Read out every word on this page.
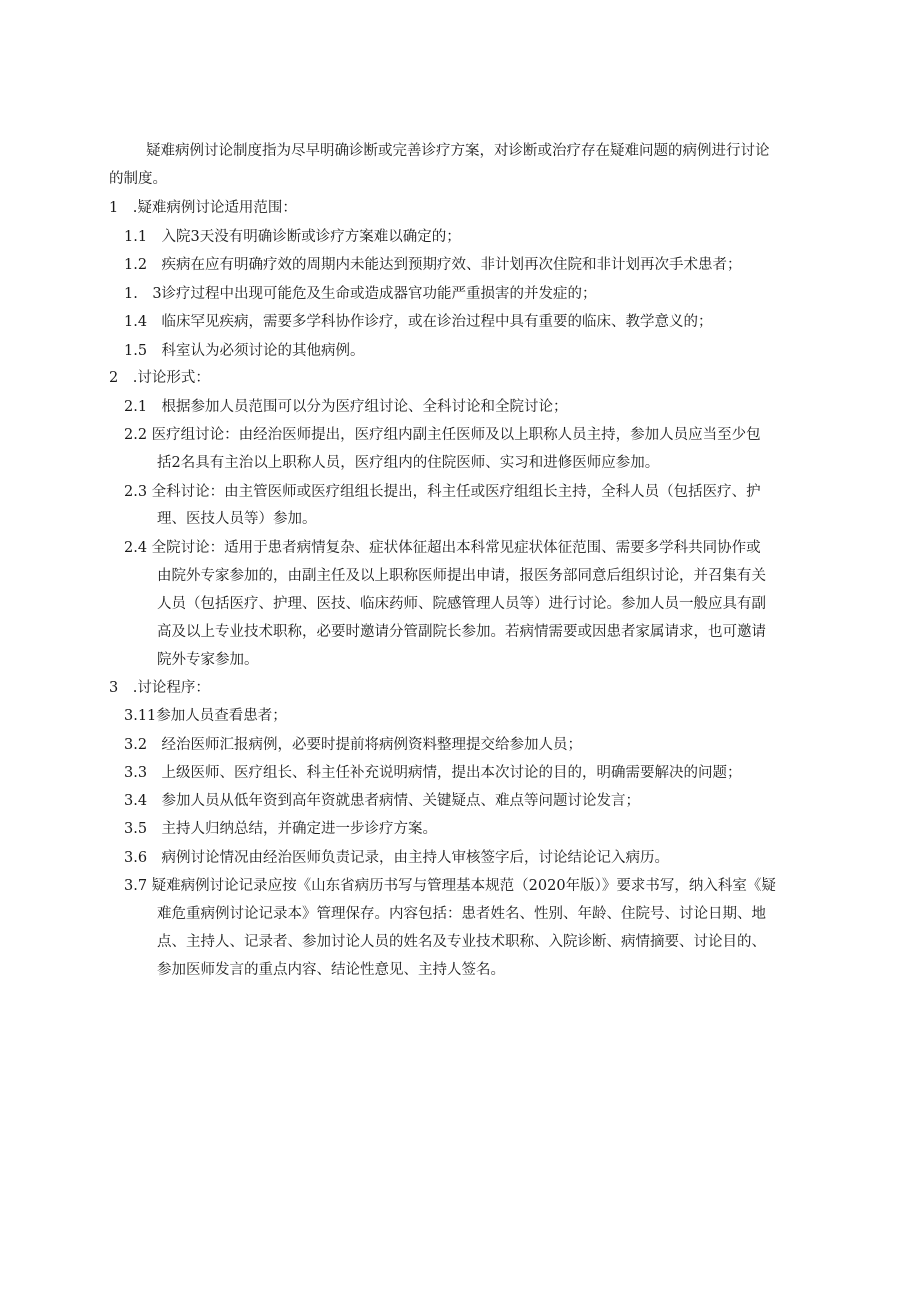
疑难病例讨论制度指为尽早明确诊断或完善诊疗方案，对诊断或治疗存在疑难问题的病例进行讨论
的制度。
1　.疑难病例讨论适用范围：
1.1　入院3天没有明确诊断或诊疗方案难以确定的；
1.2　疾病在应有明确疗效的周期内未能达到预期疗效、非计划再次住院和非计划再次手术患者；
1.　3诊疗过程中出现可能危及生命或造成器官功能严重损害的并发症的；
1.4　临床罕见疾病，需要多学科协作诊疗，或在诊治过程中具有重要的临床、教学意义的；
1.5　科室认为必须讨论的其他病例。
2　.讨论形式：
2.1　根据参加人员范围可以分为医疗组讨论、全科讨论和全院讨论；
2.2 医疗组讨论：由经治医师提出，医疗组内副主任医师及以上职称人员主持，参加人员应当至少包
括2名具有主治以上职称人员，医疗组内的住院医师、实习和进修医师应参加。
2.3 全科讨论：由主管医师或医疗组组长提出，科主任或医疗组组长主持，全科人员（包括医疗、护
理、医技人员等）参加。
2.4 全院讨论：适用于患者病情复杂、症状体征超出本科常见症状体征范围、需要多学科共同协作或
由院外专家参加的，由副主任及以上职称医师提出申请，报医务部同意后组织讨论，并召集有关
人员（包括医疗、护理、医技、临床药师、院感管理人员等）进行讨论。参加人员一般应具有副
高及以上专业技术职称，必要时邀请分管副院长参加。若病情需要或因患者家属请求，也可邀请
院外专家参加。
3　.讨论程序：
3.11参加人员查看患者；
3.2　经治医师汇报病例，必要时提前将病例资料整理提交给参加人员；
3.3　上级医师、医疗组长、科主任补充说明病情，提出本次讨论的目的，明确需要解决的问题；
3.4　参加人员从低年资到高年资就患者病情、关键疑点、难点等问题讨论发言；
3.5　主持人归纳总结，并确定进一步诊疗方案。
3.6　病例讨论情况由经治医师负责记录，由主持人审核签字后，讨论结论记入病历。
3.7 疑难病例讨论记录应按《山东省病历书写与管理基本规范（2020年版）》要求书写，纳入科室《疑
难危重病例讨论记录本》管理保存。内容包括：患者姓名、性别、年龄、住院号、讨论日期、地
点、主持人、记录者、参加讨论人员的姓名及专业技术职称、入院诊断、病情摘要、讨论目的、
参加医师发言的重点内容、结论性意见、主持人签名。
